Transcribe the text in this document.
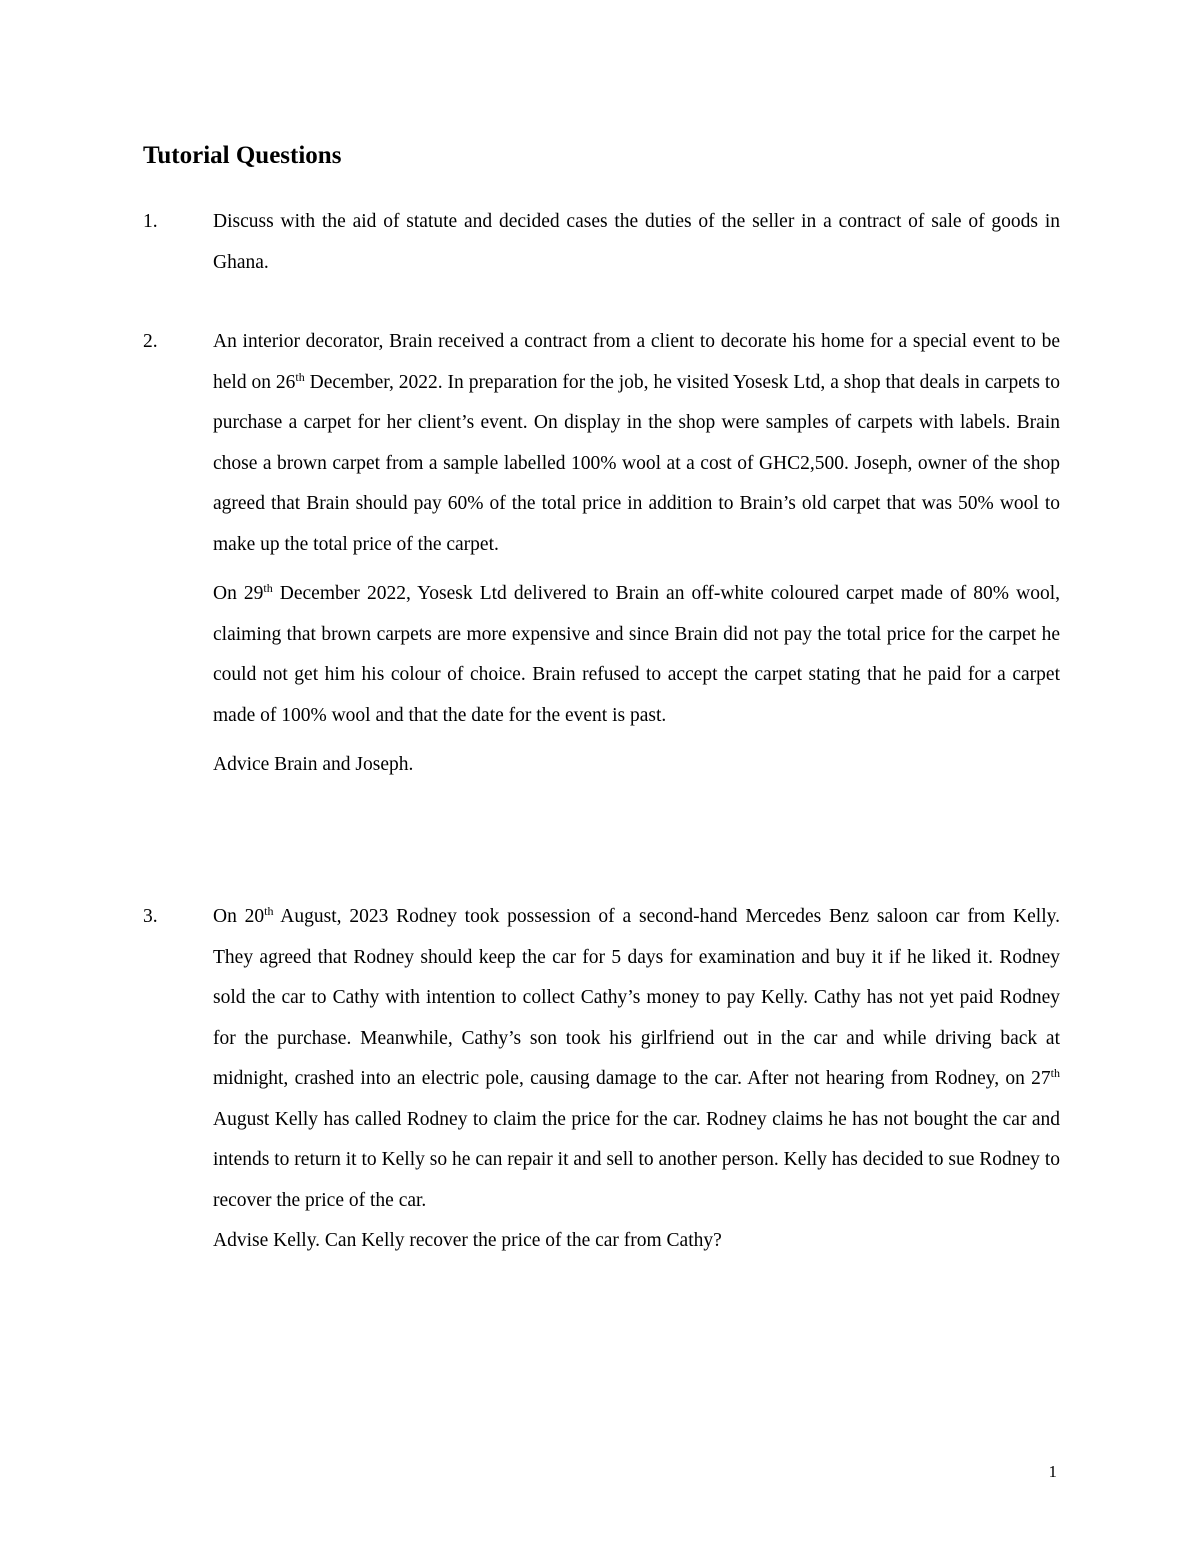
Tutorial Questions
1.	Discuss with the aid of statute and decided cases the duties of the seller in a contract of sale of goods in Ghana.

2.	An interior decorator, Brain received a contract from a client to decorate his home for a special event to be held on 26th December, 2022. In preparation for the job, he visited Yosesk Ltd, a shop that deals in carpets to purchase a carpet for her client’s event. On display in the shop were samples of carpets with labels. Brain chose a brown carpet from a sample labelled 100% wool at a cost of GHC2,500. Joseph, owner of the shop agreed that Brain should pay 60% of the total price in addition to Brain’s old carpet that was 50% wool to make up the total price of the carpet.

On 29th December 2022, Yosesk Ltd delivered to Brain an off-white coloured carpet made of 80% wool, claiming that brown carpets are more expensive and since Brain did not pay the total price for the carpet he could not get him his colour of choice. Brain refused to accept the carpet stating that he paid for a carpet made of 100% wool and that the date for the event is past.

Advice Brain and Joseph.

3.	On 20th August, 2023 Rodney took possession of a second-hand Mercedes Benz saloon car from Kelly. They agreed that Rodney should keep the car for 5 days for examination and buy it if he liked it. Rodney sold the car to Cathy with intention to collect Cathy’s money to pay Kelly. Cathy has not yet paid Rodney for the purchase. Meanwhile, Cathy’s son took his girlfriend out in the car and while driving back at midnight, crashed into an electric pole, causing damage to the car. After not hearing from Rodney, on 27th August Kelly has called Rodney to claim the price for the car. Rodney claims he has not bought the car and intends to return it to Kelly so he can repair it and sell to another person. Kelly has decided to sue Rodney to recover the price of the car.

Advise Kelly. Can Kelly recover the price of the car from Cathy?

1
